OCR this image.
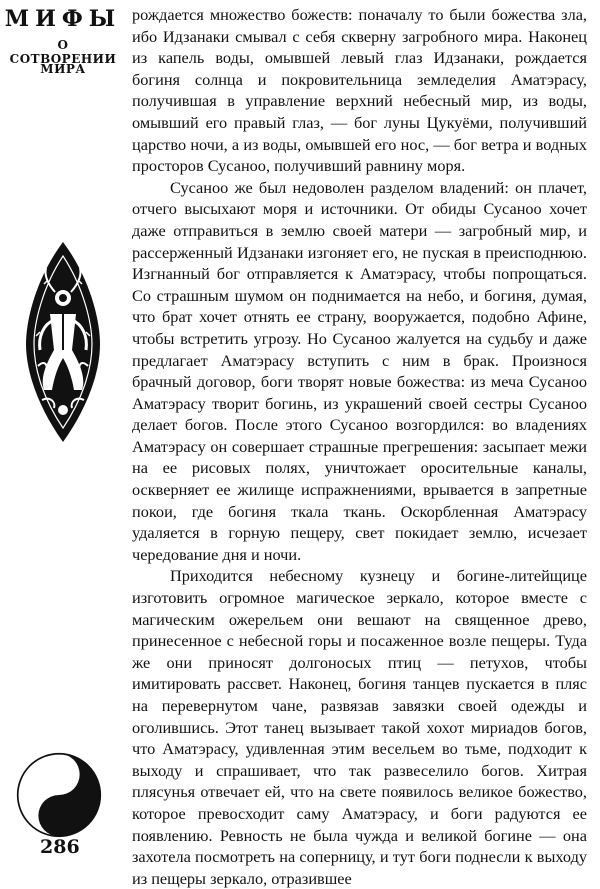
МИФЫ

О СОТВОРЕНИИ

МИРА

286

рождается множество божеств: поначалу то были божества зла, ибо Идзанаки смывал с себя скверну загробного мира. Наконец из капель воды, омывшей левый глаз Идзанаки, рождается богиня солнца и покровительница земледелия Аматэрасу, получившая в управление верхний небесный мир, из воды, омывший его правый глаз, — бог луны Цукуёми, получивший царство ночи, а из воды, омывшей его нос, — бог ветра и водных просторов Сусаноо, получивший равнину моря.

Сусаноо же был недоволен разделом владений: он плачет, отчего высыхают моря и источники. От обиды Сусаноо хочет даже отправиться в землю своей матери — загробный мир, и рассерженный Идзанаки изгоняет его, не пуская в преисподнюю. Изгнанный бог отправляется к Аматэрасу, чтобы попрощаться. Со страшным шумом он поднимается на небо, и богиня, думая, что брат хочет отнять ее страну, вооружается, подобно Афине, чтобы встретить угрозу. Но Сусаноо жалуется на судьбу и даже предлагает Аматэрасу вступить с ним в брак. Произнося брачный договор, боги творят новые божества: из меча Сусаноо Аматэрасу творит богинь, из украшений своей сестры Сусаноо делает богов. После этого Сусаноо возгордился: во владениях Аматэрасу он совершает страшные прегрешения: засыпает межи на ее рисовых полях, уничтожает оросительные каналы, оскверняет ее жилище испражнениями, врывается в запретные покои, где богиня ткала ткань. Оскорбленная Аматэрасу удаляется в горную пещеру, свет покидает землю, исчезает чередование дня и ночи.

Приходится небесному кузнецу и богине-литейщице изготовить огромное магическое зеркало, которое вместе с магическим ожерельем они вешают на священное древо, принесенное с небесной горы и посаженное возле пещеры. Туда же они приносят долгоносых птиц — петухов, чтобы имитировать рассвет. Наконец, богиня танцев пускается в пляс на перевернутом чане, развязав завязки своей одежды и оголившись. Этот танец вызывает такой хохот мириадов богов, что Аматэрасу, удивленная этим весельем во тьме, подходит к выходу и спрашивает, что так развеселило богов. Хитрая плясунья отвечает ей, что на свете появилось великое божество, которое превосходит саму Аматэрасу, и боги радуются ее появлению. Ревность не была чужда и великой богине — она захотела посмотреть на соперницу, и тут боги поднесли к выходу из пещеры зеркало, отразившее
